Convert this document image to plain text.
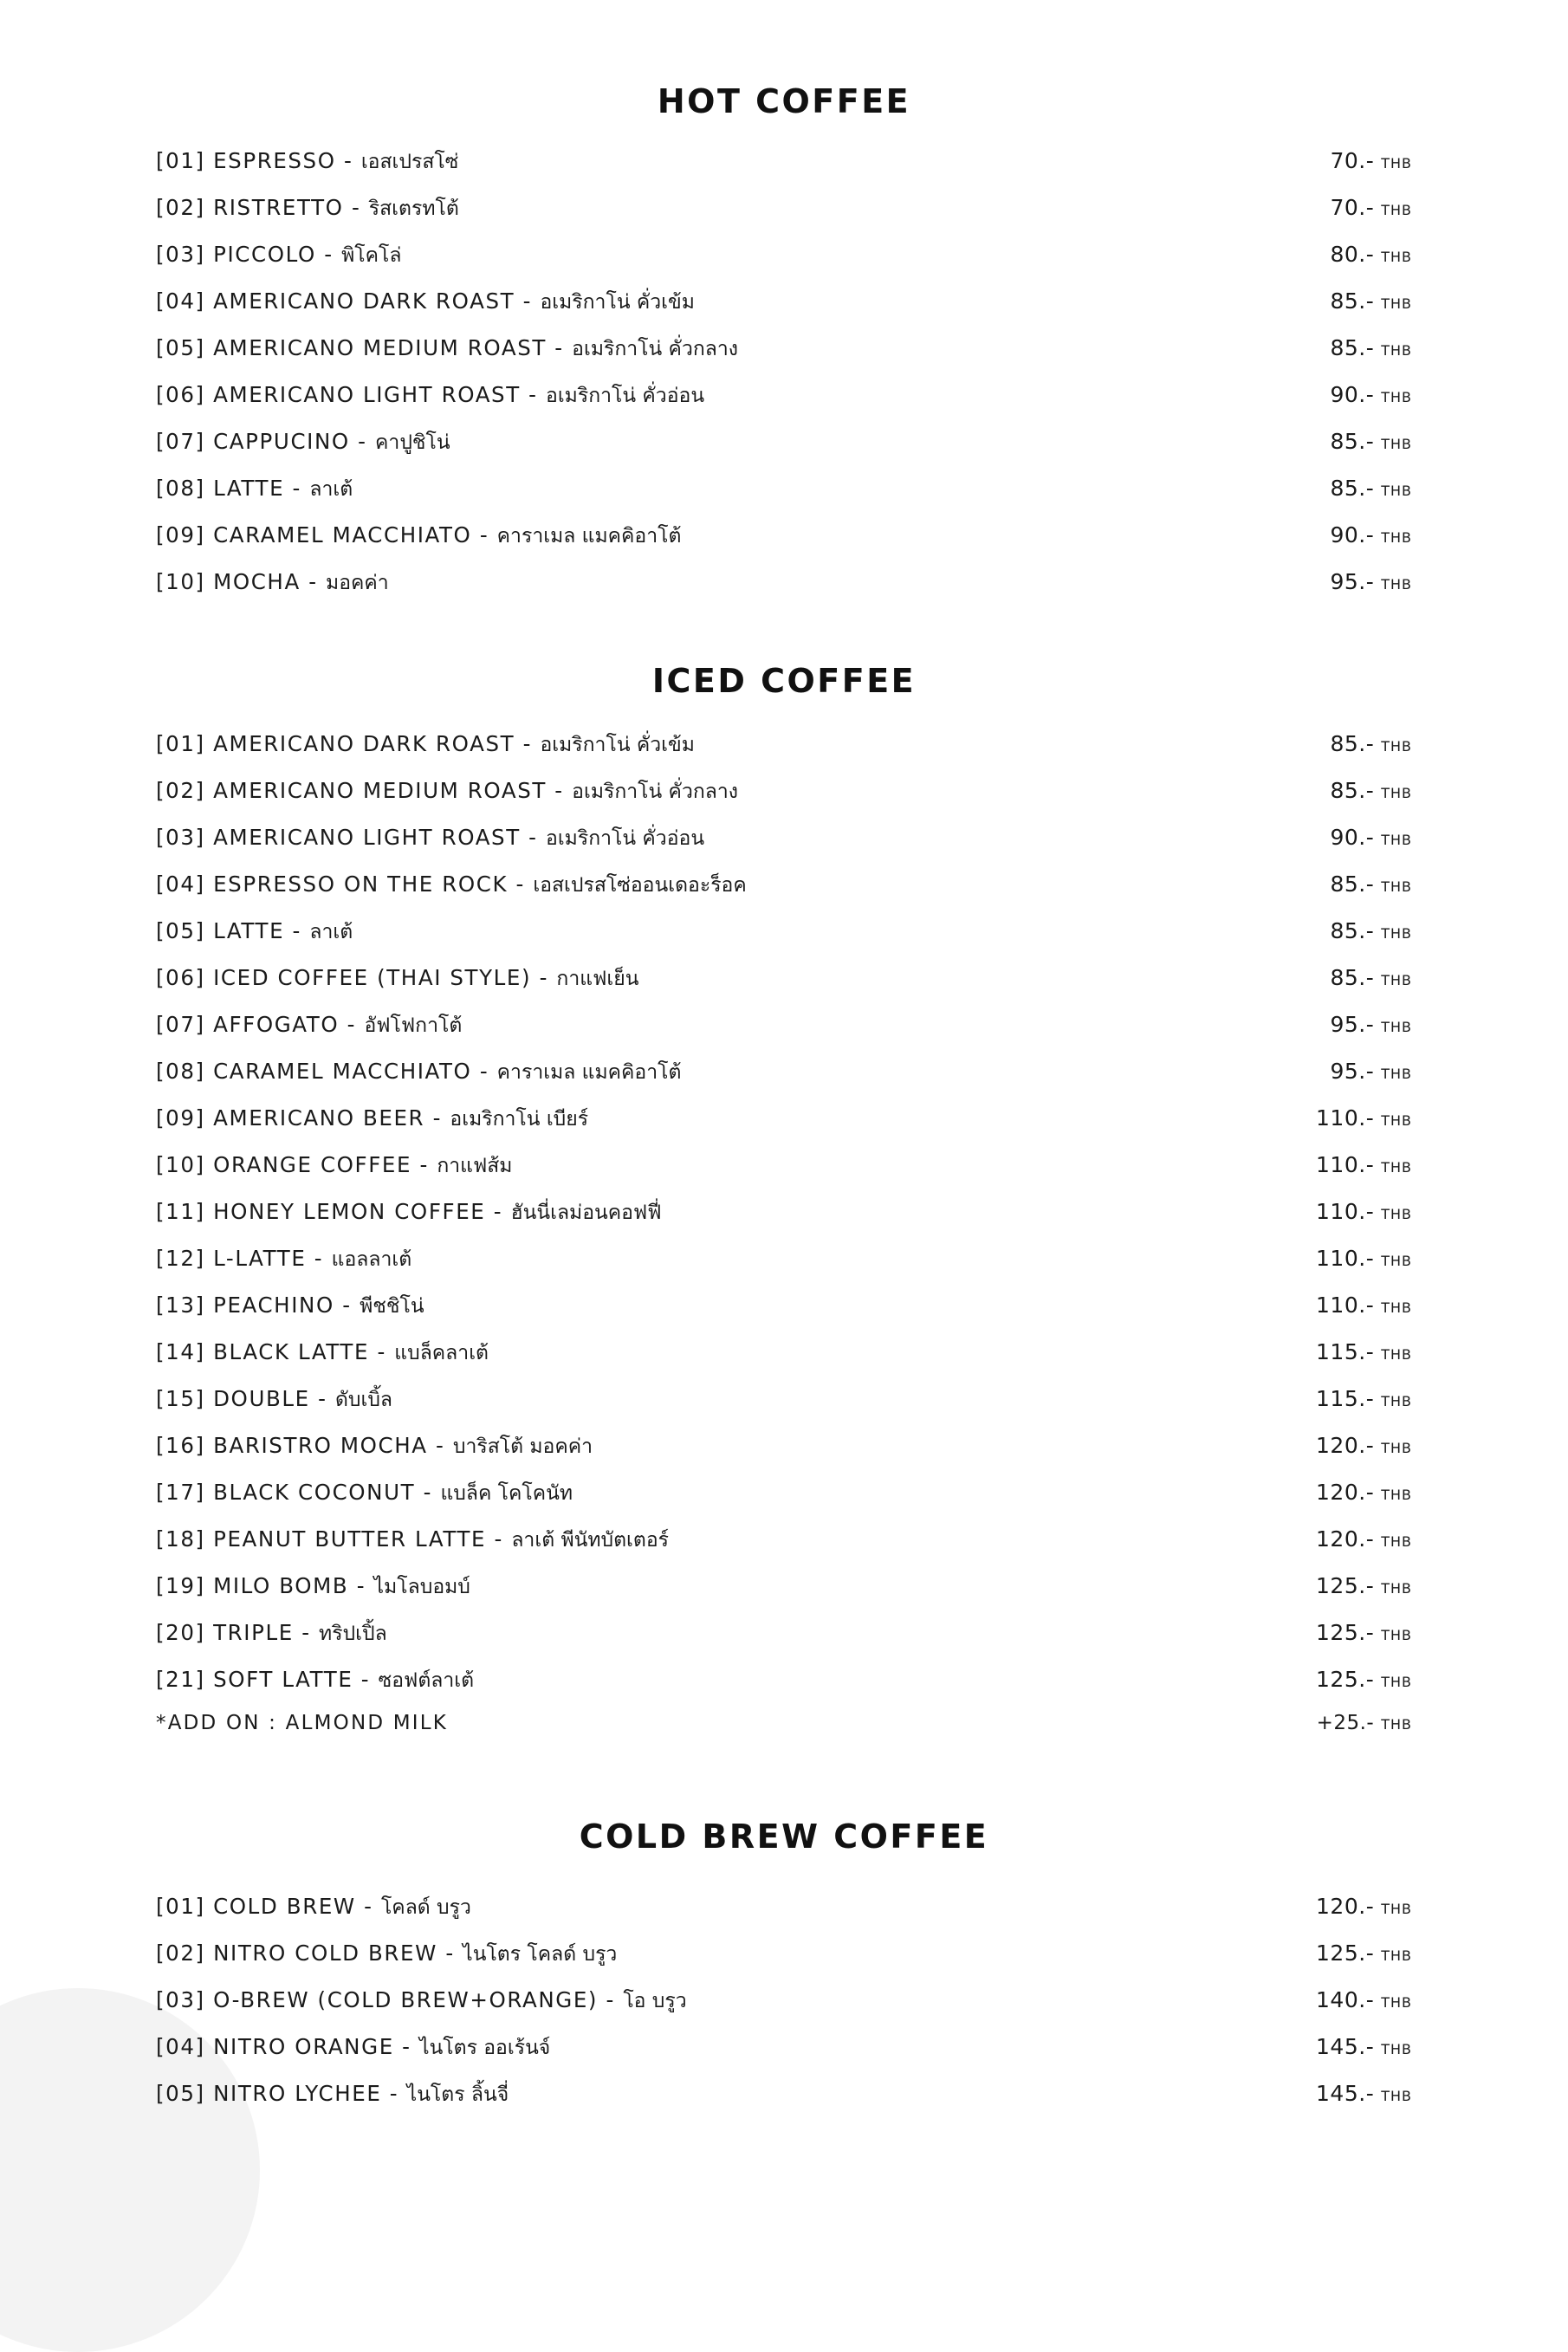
HOT COFFEE
[01] ESPRESSO - เอสเปรสโซ่	70.- THB
[02] RISTRETTO - ริสเตรทโต้	70.- THB
[03] PICCOLO - พิโคโล่	80.- THB
[04] AMERICANO DARK ROAST - อเมริกาโน่ คั่วเข้ม	85.- THB
[05] AMERICANO MEDIUM ROAST - อเมริกาโน่ คั่วกลาง	85.- THB
[06] AMERICANO LIGHT ROAST - อเมริกาโน่ คั่วอ่อน	90.- THB
[07] CAPPUCINO - คาปูชิโน่	85.- THB
[08] LATTE - ลาเต้	85.- THB
[09] CARAMEL MACCHIATO - คาราเมล แมคคิอาโต้	90.- THB
[10] MOCHA - มอคค่า	95.- THB
ICED COFFEE
[01] AMERICANO DARK ROAST - อเมริกาโน่ คั่วเข้ม	85.- THB
[02] AMERICANO MEDIUM ROAST - อเมริกาโน่ คั่วกลาง	85.- THB
[03] AMERICANO LIGHT ROAST - อเมริกาโน่ คั่วอ่อน	90.- THB
[04] ESPRESSO ON THE ROCK - เอสเปรสโซ่ออนเดอะร็อค	85.- THB
[05] LATTE - ลาเต้	85.- THB
[06] ICED COFFEE (THAI STYLE) - กาแฟเย็น	85.- THB
[07] AFFOGATO - อัฟโฟกาโต้	95.- THB
[08] CARAMEL MACCHIATO - คาราเมล แมคคิอาโต้	95.- THB
[09] AMERICANO BEER - อเมริกาโน่ เบียร์	110.- THB
[10] ORANGE COFFEE - กาแฟส้ม	110.- THB
[11] HONEY LEMON COFFEE - ฮันนี่เลม่อนคอฟฟี่	110.- THB
[12] L-LATTE - แอลลาเต้	110.- THB
[13] PEACHINO - พีชชิโน่	110.- THB
[14] BLACK LATTE - แบล็คลาเต้	115.- THB
[15] DOUBLE - ดับเบิ้ล	115.- THB
[16] BARISTRO MOCHA - บาริสโต้ มอคค่า	120.- THB
[17] BLACK COCONUT - แบล็ค โคโคนัท	120.- THB
[18] PEANUT BUTTER LATTE - ลาเต้ พีนัทบัตเตอร์	120.- THB
[19] MILO BOMB - ไมโลบอมบ์	125.- THB
[20] TRIPLE - ทริปเปิ้ล	125.- THB
[21] SOFT LATTE - ซอฟต์ลาเต้	125.- THB
*ADD ON : ALMOND MILK	+25.- THB
COLD BREW COFFEE
[01] COLD BREW - โคลด์ บรูว	120.- THB
[02] NITRO COLD BREW - ไนโตร โคลด์ บรูว	125.- THB
[03] O-BREW (COLD BREW+ORANGE) - โอ บรูว	140.- THB
[04] NITRO ORANGE - ไนโตร ออเร้นจ์	145.- THB
[05] NITRO LYCHEE - ไนโตร ลิ้นจี่	145.- THB
